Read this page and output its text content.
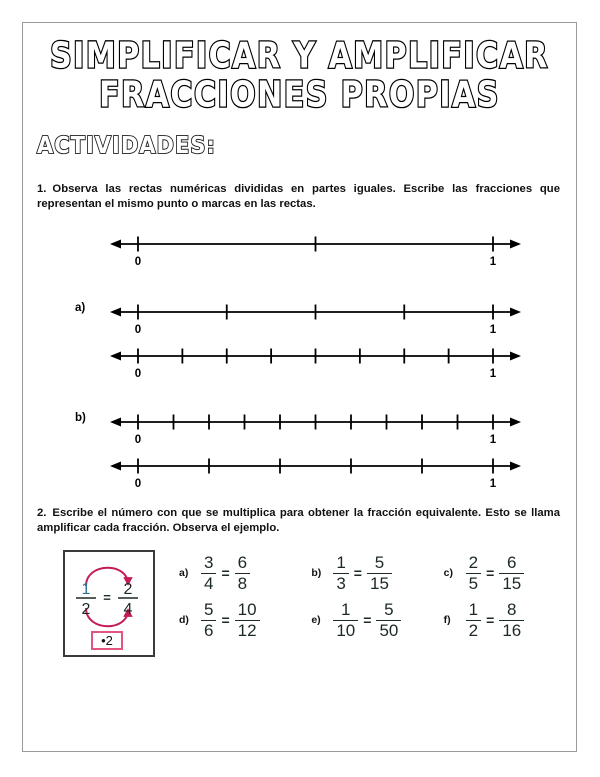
SIMPLIFICAR Y AMPLIFICAR
FRACCIONES PROPIAS
ACTIVIDADES:

1. Observa las rectas numéricas divididas en partes iguales. Escribe las fracciones que representan el mismo punto o marcas en las rectas.

0	1
a)
0	1
0	1
b)
0	1
0	1

2. Escribe el número con que se multiplica para obtener la fracción equivalente. Esto se llama amplificar cada fracción. Observa el ejemplo.

1
2
= 2
4
•2
$a) \frac{3}{4} = \frac{6}{8}$	$b) \frac{1}{3} = \frac{5}{15}$	$c) \frac{2}{5} = \frac{6}{15}$
$d) \frac{5}{6} = \frac{10}{12}$	$e) \frac{1}{10} = \frac{5}{50}$	$f) \frac{1}{2} = \frac{8}{16}$
